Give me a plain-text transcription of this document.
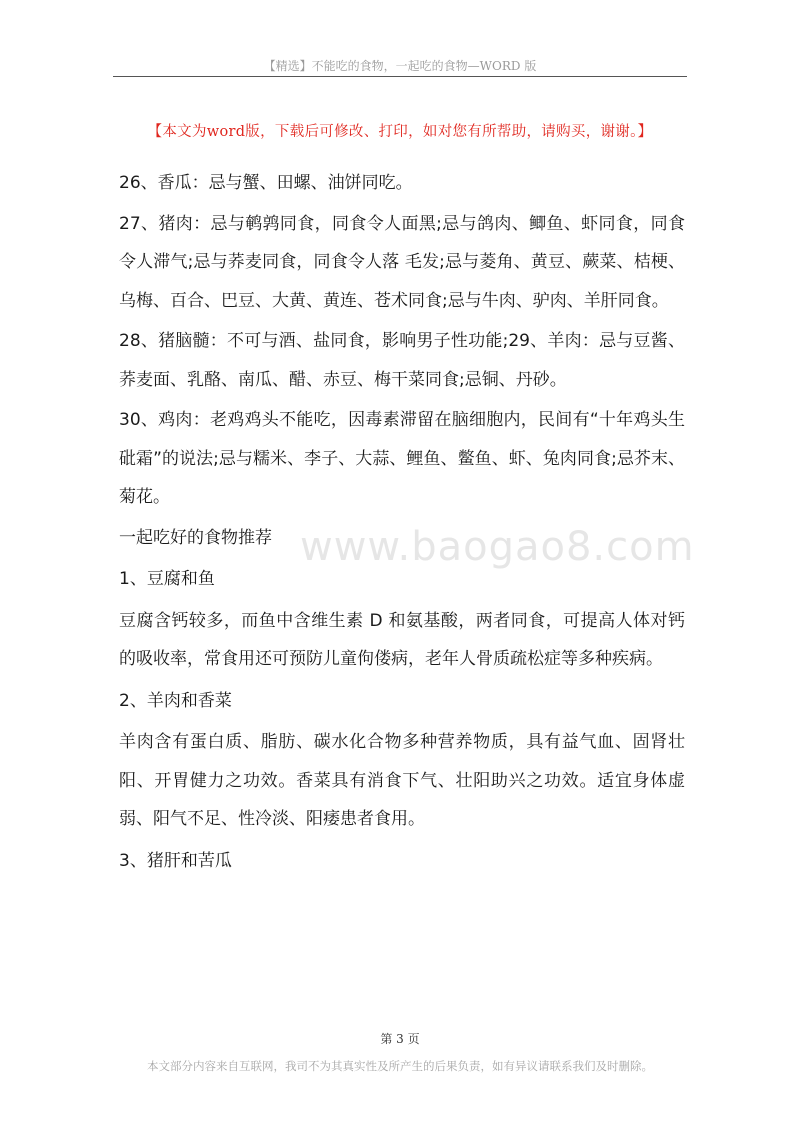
【精选】不能吃的食物，一起吃的食物—WORD 版
【本文为word版，下载后可修改、打印，如对您有所帮助，请购买，谢谢。】
www.baogao8.com

26、香瓜：忌与蟹、田螺、油饼同吃。

27、猪肉：忌与鹌鹑同食，同食令人面黑;忌与鸽肉、鲫鱼、虾同食，同食令人滞气;忌与荞麦同食，同食令人落 毛发;忌与菱角、黄豆、蕨菜、桔梗、乌梅、百合、巴豆、大黄、黄连、苍术同食;忌与牛肉、驴肉、羊肝同食。

28、猪脑髓：不可与酒、盐同食，影响男子性功能;29、羊肉：忌与豆酱、荞麦面、乳酪、南瓜、醋、赤豆、梅干菜同食;忌铜、丹砂。

30、鸡肉：老鸡鸡头不能吃，因毒素滞留在脑细胞内，民间有“十年鸡头生砒霜”的说法;忌与糯米、李子、大蒜、鲤鱼、鳖鱼、虾、兔肉同食;忌芥末、菊花。

一起吃好的食物推荐

1、豆腐和鱼

豆腐含钙较多，而鱼中含维生素 D 和氨基酸，两者同食，可提高人体对钙的吸收率，常食用还可预防儿童佝偻病，老年人骨质疏松症等多种疾病。

2、羊肉和香菜

羊肉含有蛋白质、脂肪、碳水化合物多种营养物质，具有益气血、固肾壮阳、开胃健力之功效。香菜具有消食下气、壮阳助兴之功效。适宜身体虚弱、阳气不足、性冷淡、阳痿患者食用。

3、猪肝和苦瓜

第 3 页
本文部分内容来自互联网，我司不为其真实性及所产生的后果负责，如有异议请联系我们及时删除。
